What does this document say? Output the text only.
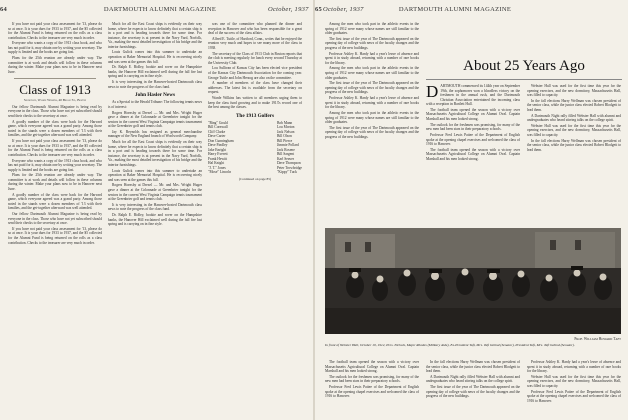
64	DARTMOUTH ALUMNI MAGAZINE	October, 1937

If you have not paid your class assessment for '13, please do so at once. It is your dues for 1933 to 1937, and the $5 collected for the Alumni Fund is being returned on the rolls as a class contribution. Checks to the treasurer are very much in order.

Everyone who wants a copy of the 1913 class book, and who has not paid for it, may obtain one by writing your secretary. The supply is limited and the books are going fast.

Plans for the 25th reunion are already under way. The committee is at work and details will follow in these columns during the winter. Make your plans now to be in Hanover next June.

Class of 1913
Secretary, Warde Wilkins, 40 Broad St., Boston

Our fellow Dartmouth Alumni Magazine is being read by everyone in the class. Those who have not yet subscribed should send their checks to the secretary at once.

A goodly number of the class were back for the Harvard game, which everyone agreed was a grand party. Among those noted in the stands were a dozen members of '13 with their families, and the get-together afterward was well attended.

If you have not paid your class assessment for '13, please do so at once. It is your dues for 1933 to 1937, and the $5 collected for the Alumni Fund is being returned on the rolls as a class contribution. Checks to the treasurer are very much in order.

Everyone who wants a copy of the 1913 class book, and who has not paid for it, may obtain one by writing your secretary. The supply is limited and the books are going fast.

Plans for the 25th reunion are already under way. The committee is at work and details will follow in these columns during the winter. Make your plans now to be in Hanover next June.

A goodly number of the class were back for the Harvard game, which everyone agreed was a grand party. Among those noted in the stands were a dozen members of '13 with their families, and the get-together afterward was well attended.

Our fellow Dartmouth Alumni Magazine is being read by everyone in the class. Those who have not yet subscribed should send their checks to the secretary at once.

If you have not paid your class assessment for '13, please do so at once. It is your dues for 1933 to 1937, and the $5 collected for the Alumni Fund is being returned on the rolls as a class contribution. Checks to the treasurer are very much in order.

Much for all the East Coast ships is evidently on their way home, where he expects to know definitely that a certain ship is in a port and is heading towards there for some time. For instance, the secretary is at present in the Navy Yard, Norfolk, Va., making the most detailed investigation of his bridge and the interior furnishings.

Louis Gulick comes into this summer to undertake an operation at Baker Memorial Hospital. He is recovering nicely and was seen at the games this fall.

Dr. Ralph E. Ridley, bookie and rover on the Hampshire banks, the Hanover Hill exclaimed well during the fall fire last spring and is carrying on in fine style.

It is very interesting in the Hanover-hosted Dartmouth class news to note the progress of the class fund.

John Hasler News

As a Special to the Herald Tribune: The following tennis news is of interest:

Rogers Hornsby at Drexel — Mr. and Mrs. Wright Huger gave a dinner at the Colonnade at Greenbrier tonight for the seniors in the current West Virginia Campaign tennis tournament at the Greenbrier golf and tennis club.

Jay K. Reynolds has resigned as general merchandise manager of the New England branch of Woolworth Company.

Much for all the East Coast ships is evidently on their way home, where he expects to know definitely that a certain ship is in a port and is heading towards there for some time. For instance, the secretary is at present in the Navy Yard, Norfolk, Va., making the most detailed investigation of his bridge and the interior furnishings.

Louis Gulick comes into this summer to undertake an operation at Baker Memorial Hospital. He is recovering nicely and was seen at the games this fall.

Rogers Hornsby at Drexel — Mr. and Mrs. Wright Huger gave a dinner at the Colonnade at Greenbrier tonight for the seniors in the current West Virginia Campaign tennis tournament at the Greenbrier golf and tennis club.

It is very interesting in the Hanover-hosted Dartmouth class news to note the progress of the class fund.

Dr. Ralph E. Ridley, bookie and rover on the Hampshire banks, the Hanover Hill exclaimed well during the fall fire last spring and is carrying on in fine style.

was one of the committee who planned the dinner and reception in Hanover and who has been responsible for a great deal of the success of the class affairs.

Alfred E. Tuttle, of Hartford, Conn., writes that he enjoyed the reunion very much and hopes to see many more of the class in 1938.

The secretary of the Class of 1913 Club in Boston reports that the club is meeting regularly for lunch every second Thursday at the University Club.

Lou Sullivan of Kansas City has been elected vice president of the Kansas City Dartmouth Association for the coming year. George Tuttle and John Herzog are also on the committee.

A number of members of the class have changed their addresses. The latest list is available from the secretary on request.

Warde Wilkins has written to all members urging them to keep the class fund growing and to make 1913's record one of the best among the classes.

The 1913 Golfers
"Bing" Gould
Bill Cornwall
Cliff Clarke
Dave Carter
Don Cunningham
Dave Findley
Jake Enright
Harry Everett
Frank Hewitt
Hal Knight
"J. T." Jones
"Mose" Lincoln
Bob Mann
Lou Morton
Jack Nelson
Bill Olson
Bill Pierce
Jimmie Pollard
Jack Rosene
Bill Sargent
Karl Seaver
Dave Thompson
Peter Trowbridge
"Kippy" Tuck
(Continued on page 85)
October, 1937	DARTMOUTH ALUMNI MAGAZINE
65

Among the men who took part in the athletic events in the spring of 1912 were many whose names are still familiar to the older graduates.

The first issue of the year of The Dartmouth appeared on the opening day of college with news of the faculty changes and the progress of the new buildings.

Professor Ashley K. Hardy had a year's leave of absence and spent it in study abroad, returning with a number of rare books for the library.

Among the men who took part in the athletic events in the spring of 1912 were many whose names are still familiar to the older graduates.

The first issue of the year of The Dartmouth appeared on the opening day of college with news of the faculty changes and the progress of the new buildings.

Professor Ashley K. Hardy had a year's leave of absence and spent it in study abroad, returning with a number of rare books for the library.

Among the men who took part in the athletic events in the spring of 1912 were many whose names are still familiar to the older graduates.

The first issue of the year of The Dartmouth appeared on the opening day of college with news of the faculty changes and the progress of the new buildings.

About 25 Years Ago

DARTMOUTH commenced its 144th year on September 19th, the sophomores won a bloodless victory on the freshmen in the annual rush, and the Dartmouth Christian Association entertained the incoming class with a reception in Bartlett Hall.

The football team opened the season with a victory over Massachusetts Agricultural College on Alumni Oval. Captain Marshall and his men looked strong.

The outlook for the freshmen was promising, for many of the new men had been stars in their preparatory schools.

Professor Fred Lewis Pattee of the Department of English spoke at the opening chapel exercises and welcomed the class of 1916 to Hanover.

The football team opened the season with a victory over Massachusetts Agricultural College on Alumni Oval. Captain Marshall and his men looked strong.

Webster Hall was used for the first time this year for the opening exercises, and the new dormitory, Massachusetts Hall, was filled to capacity.

In the fall elections Harry Wellman was chosen president of the senior class, while the junior class elected Robert Blodgett to lead them.

A Dartmouth Night rally filled Webster Hall with alumni and undergraduates who heard stirring talks on the college spirit.

Webster Hall was used for the first time this year for the opening exercises, and the new dormitory, Massachusetts Hall, was filled to capacity.

In the fall elections Harry Wellman was chosen president of the senior class, while the junior class elected Robert Blodgett to lead them.

Prof. William Howard Taft
In front of Webster Hall, October 10, 1912, Pres. Nichols, Major Rhodes (Military Aide), Ex-President Taft, Mrs. Taft behind (Senator), President Taft, Mrs. Taft behind (Senator).

The football team opened the season with a victory over Massachusetts Agricultural College on Alumni Oval. Captain Marshall and his men looked strong.

The outlook for the freshmen was promising, for many of the new men had been stars in their preparatory schools.

Professor Fred Lewis Pattee of the Department of English spoke at the opening chapel exercises and welcomed the class of 1916 to Hanover.

In the fall elections Harry Wellman was chosen president of the senior class, while the junior class elected Robert Blodgett to lead them.

A Dartmouth Night rally filled Webster Hall with alumni and undergraduates who heard stirring talks on the college spirit.

The first issue of the year of The Dartmouth appeared on the opening day of college with news of the faculty changes and the progress of the new buildings.

Professor Ashley K. Hardy had a year's leave of absence and spent it in study abroad, returning with a number of rare books for the library.

Webster Hall was used for the first time this year for the opening exercises, and the new dormitory, Massachusetts Hall, was filled to capacity.

Professor Fred Lewis Pattee of the Department of English spoke at the opening chapel exercises and welcomed the class of 1916 to Hanover.
